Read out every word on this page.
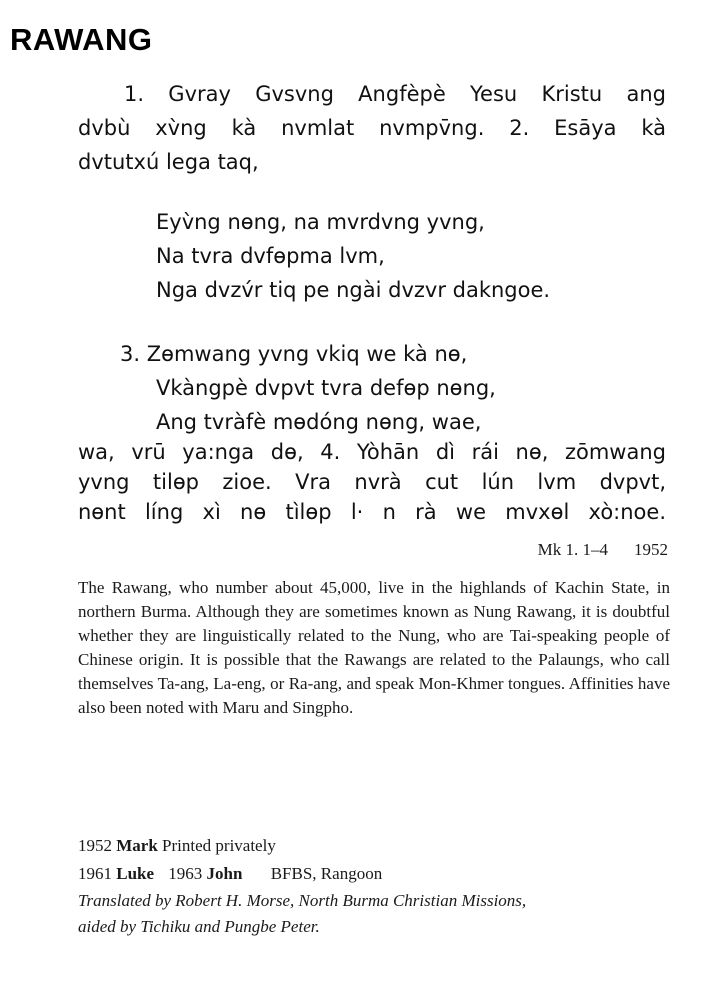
RAWANG
1. Gvray Gvsvng Angfèpè Yesu Kristu ang
dvbù xv̀ng kà nvmlat nvmpv̄ng. 2. Esāya kà
dvtutxú lega taq,
Eyv̀ng nɵng, na mvrdvng yvng,
Na tvra dvfɵpma lvm,
Nga dvzv́r tiq pe ngài dvzvr dakngoe.
3. Zɵmwang yvng vkiq we kà nɵ,
Vkàngpè dvpvt tvra defɵp nɵng,
Ang tvràfè mɵdóng nɵng, wae,
wa, vrū ya:nga dɵ, 4. Yòhān dì rái nɵ, zōmwang
yvng tilɵp zioe. Vra nvrà cut lún lvm dvpvt,
nɵnt líng xì nɵ tìlɵp l· n rà we mvxɵl xò:noe.
Mk 1. 1–4 1952

The Rawang, who number about 45,000, live in the highlands of Kachin State, in northern Burma. Although they are sometimes known as Nung Rawang, it is doubtful whether they are linguistically related to the Nung, who are Tai-speaking people of Chinese origin. It is possible that the Rawangs are related to the Palaungs, who call themselves Ta-ang, La-eng, or Ra-ang, and speak Mon-Khmer tongues. Affinities have also been noted with Maru and Singpho.

1952 Mark Printed privately
1961 Luke 1963 John BFBS, Rangoon
Translated by Robert H. Morse, North Burma Christian Missions,
aided by Tichiku and Pungbe Peter.
